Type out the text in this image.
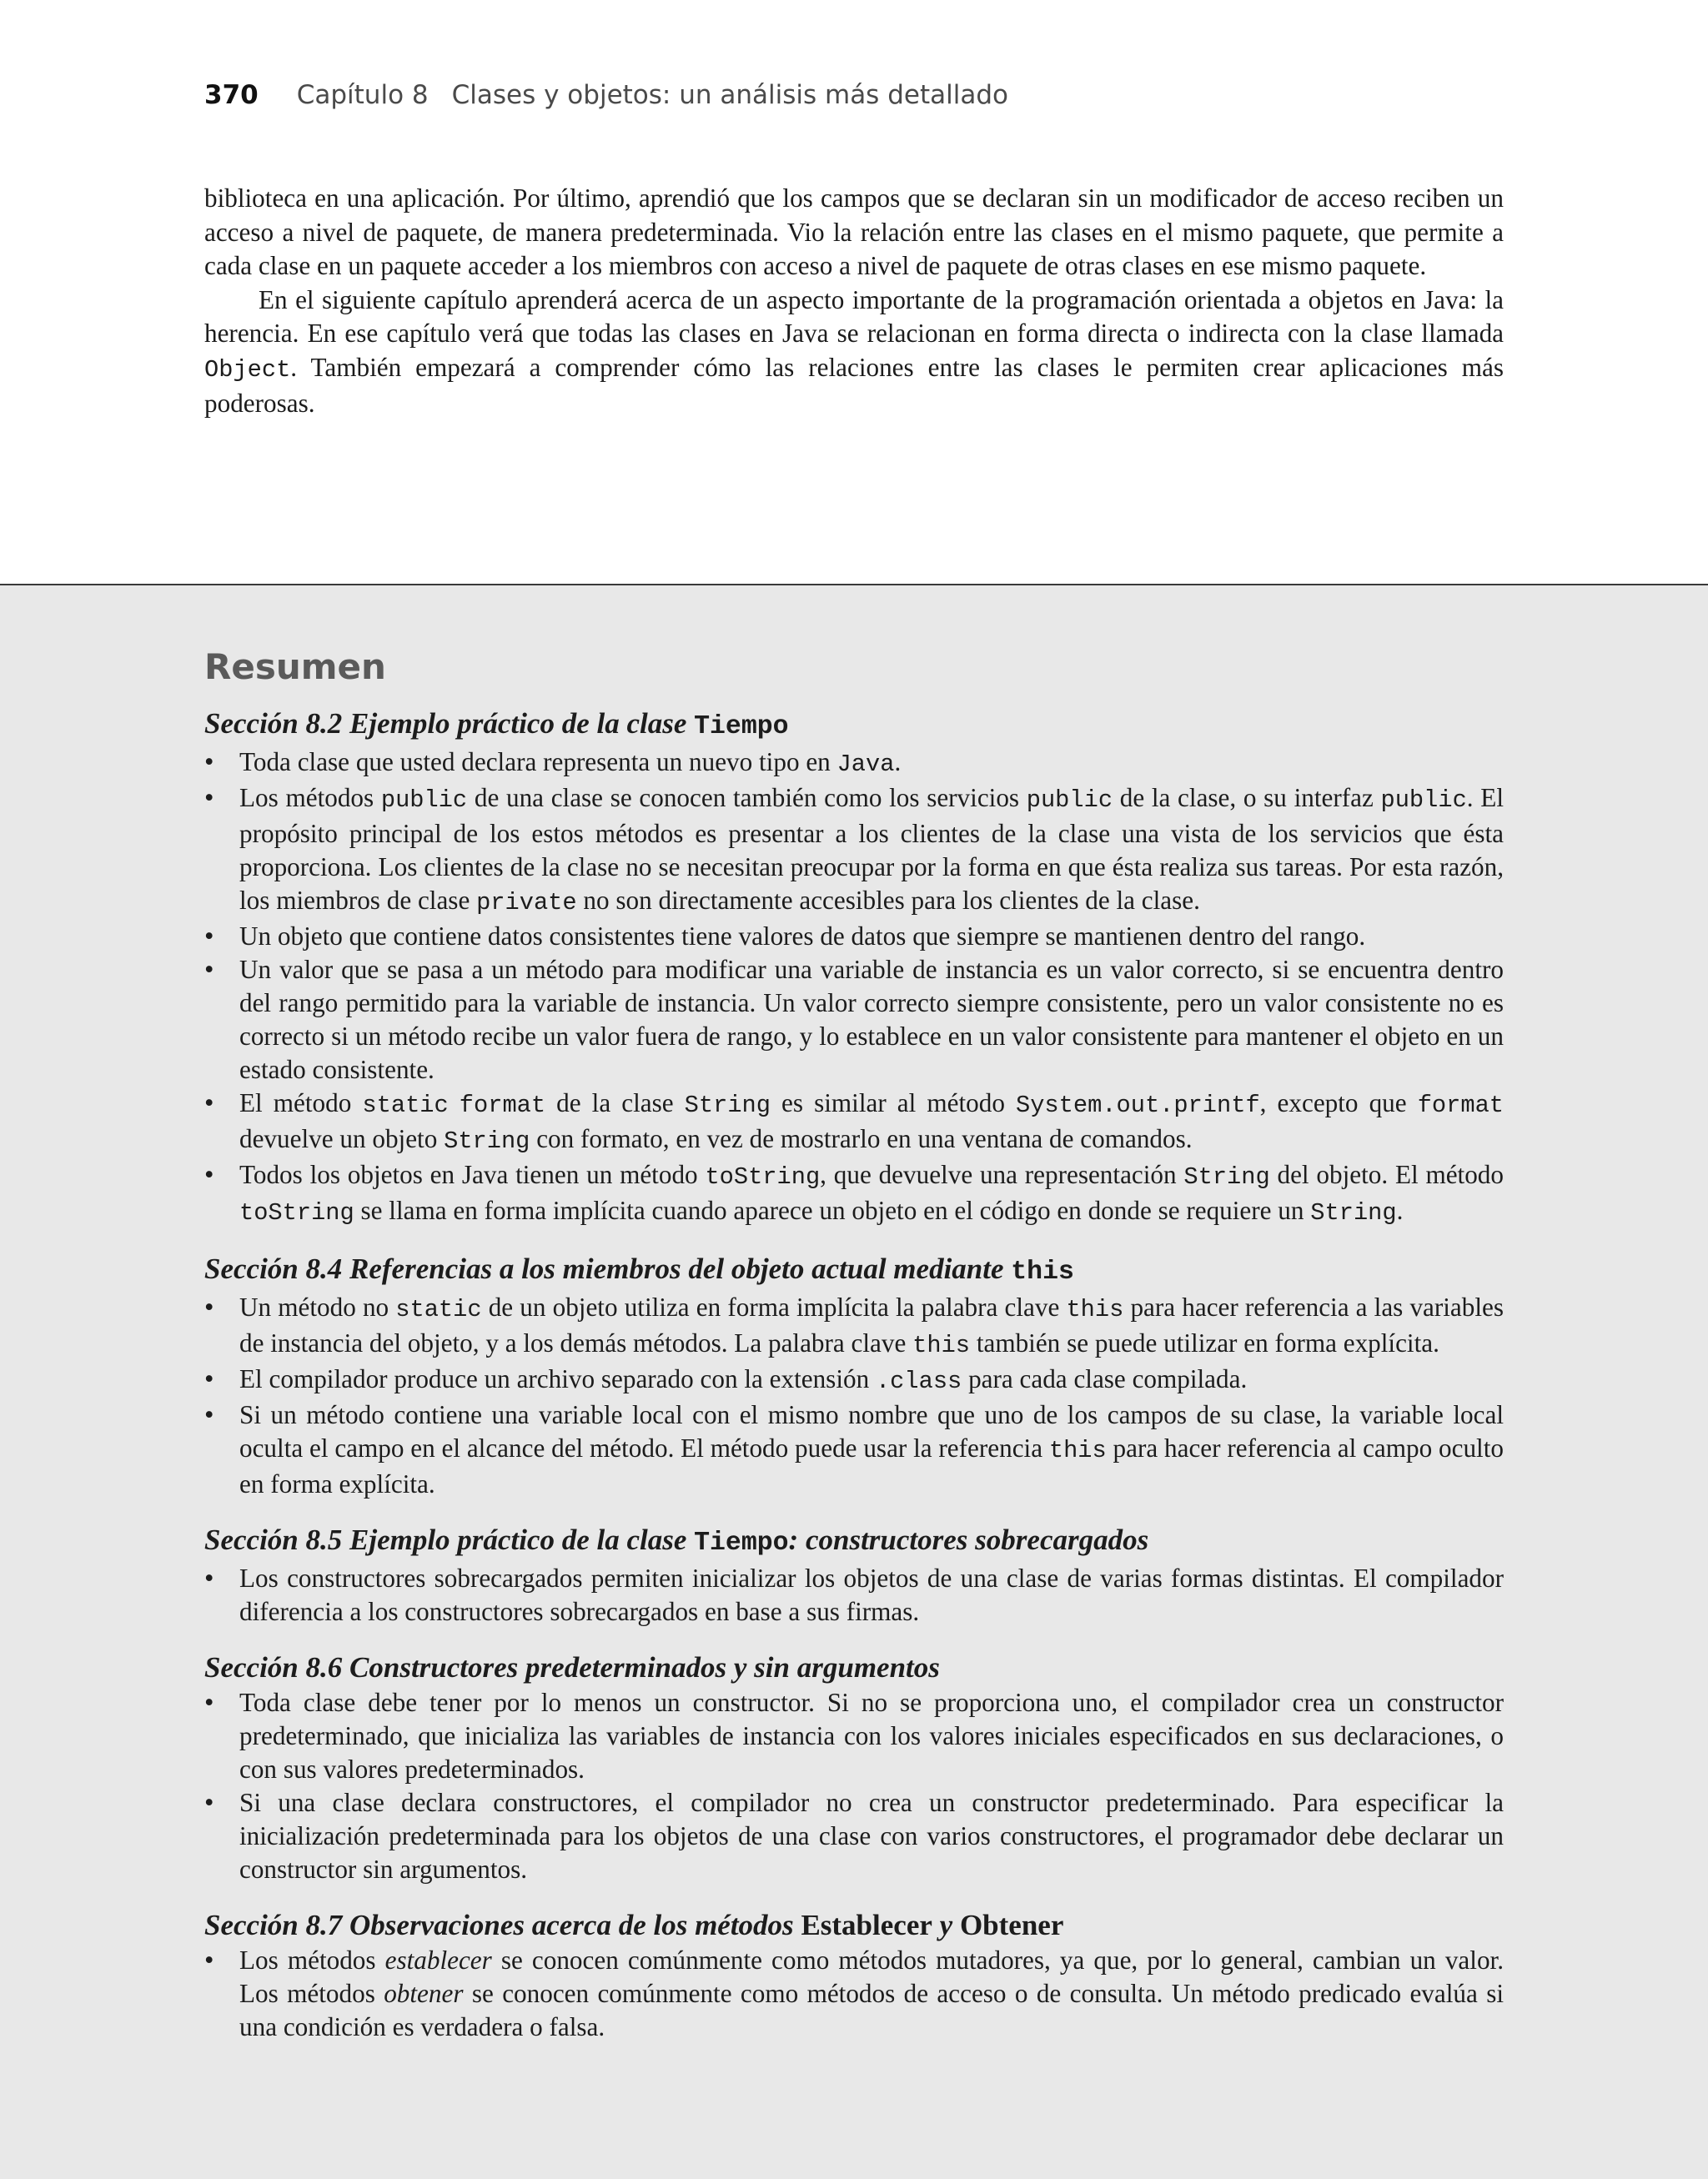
370 Capítulo 8 Clases y objetos: un análisis más detallado

biblioteca en una aplicación. Por último, aprendió que los campos que se declaran sin un modificador de acceso reciben un acceso a nivel de paquete, de manera predeterminada. Vio la relación entre las clases en el mismo paquete, que permite a cada clase en un paquete acceder a los miembros con acceso a nivel de paquete de otras clases en ese mismo paquete.

En el siguiente capítulo aprenderá acerca de un aspecto importante de la programación orientada a objetos en Java: la herencia. En ese capítulo verá que todas las clases en Java se relacionan en forma directa o indirecta con la clase llamada Object. También empezará a comprender cómo las relaciones entre las clases le permiten crear aplicaciones más poderosas.

Resumen
Sección 8.2 Ejemplo práctico de la clase Tiempo
• Toda clase que usted declara representa un nuevo tipo en Java.
• Los métodos public de una clase se conocen también como los servicios public de la clase, o su interfaz public. El propósito principal de los estos métodos es presentar a los clientes de la clase una vista de los servicios que ésta proporciona. Los clientes de la clase no se necesitan preocupar por la forma en que ésta realiza sus tareas. Por esta razón, los miembros de clase private no son directamente accesibles para los clientes de la clase.
• Un objeto que contiene datos consistentes tiene valores de datos que siempre se mantienen dentro del rango.
• Un valor que se pasa a un método para modificar una variable de instancia es un valor correcto, si se encuentra dentro del rango permitido para la variable de instancia. Un valor correcto siempre consistente, pero un valor consistente no es correcto si un método recibe un valor fuera de rango, y lo establece en un valor consistente para mantener el objeto en un estado consistente.
• El método static format de la clase String es similar al método System.out.printf, excepto que format devuelve un objeto String con formato, en vez de mostrarlo en una ventana de comandos.
• Todos los objetos en Java tienen un método toString, que devuelve una representación String del objeto. El método toString se llama en forma implícita cuando aparece un objeto en el código en donde se requiere un String.
Sección 8.4 Referencias a los miembros del objeto actual mediante this
• Un método no static de un objeto utiliza en forma implícita la palabra clave this para hacer referencia a las variables de instancia del objeto, y a los demás métodos. La palabra clave this también se puede utilizar en forma explícita.
• El compilador produce un archivo separado con la extensión .class para cada clase compilada.
• Si un método contiene una variable local con el mismo nombre que uno de los campos de su clase, la variable local oculta el campo en el alcance del método. El método puede usar la referencia this para hacer referencia al campo oculto en forma explícita.
Sección 8.5 Ejemplo práctico de la clase Tiempo: constructores sobrecargados
• Los constructores sobrecargados permiten inicializar los objetos de una clase de varias formas distintas. El compilador diferencia a los constructores sobrecargados en base a sus firmas.
Sección 8.6 Constructores predeterminados y sin argumentos
• Toda clase debe tener por lo menos un constructor. Si no se proporciona uno, el compilador crea un constructor predeterminado, que inicializa las variables de instancia con los valores iniciales especificados en sus declaraciones, o con sus valores predeterminados.
• Si una clase declara constructores, el compilador no crea un constructor predeterminado. Para especificar la inicialización predeterminada para los objetos de una clase con varios constructores, el programador debe declarar un constructor sin argumentos.
Sección 8.7 Observaciones acerca de los métodos Establecer y Obtener
• Los métodos establecer se conocen comúnmente como métodos mutadores, ya que, por lo general, cambian un valor. Los métodos obtener se conocen comúnmente como métodos de acceso o de consulta. Un método predicado evalúa si una condición es verdadera o falsa.
